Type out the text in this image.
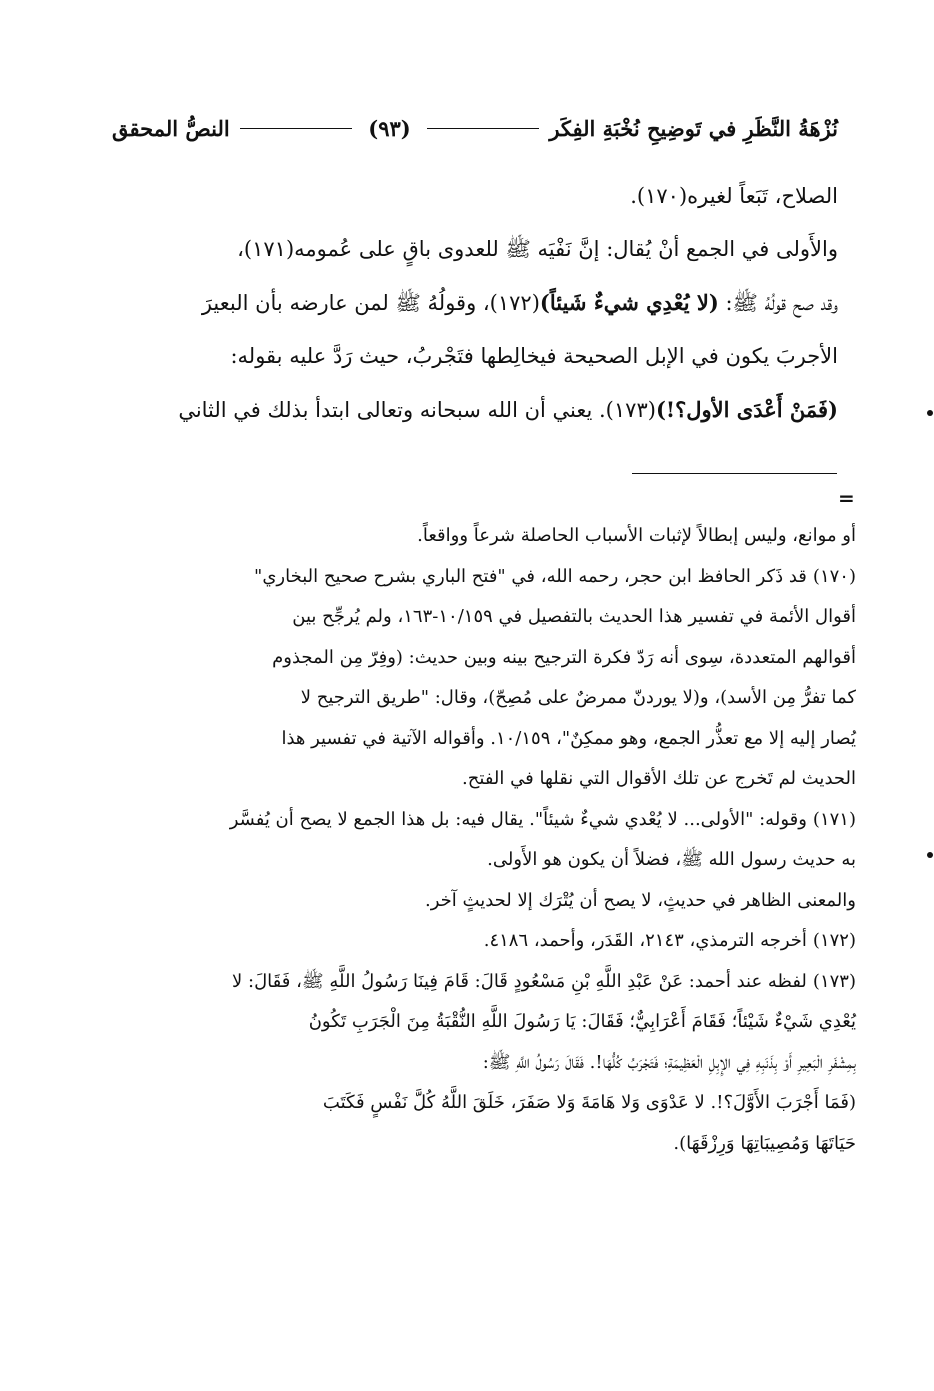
النصُّ المحقق	(٩٣)	نُزْهَةُ النَّظَرِ في تَوضِيحِ نُخْبَةِ الفِكَر

الصلاح، تَبَعاً لغيره(١٧٠).

والأَولى في الجمع أنْ يُقال: إنَّ نَفْيَه ﷺ للعدوى باقٍ على عُمومه(١٧١)،

وقد صح قولُهُ ﷺ: (لا يُعْدِي شيءٌ شَيئاً)(١٧٢)، وقولُهُ ﷺ لمن عارضه بأن البعيرَ

الأجربَ يكون في الإبل الصحيحة فيخالِطها فتَجْربُ، حيث رَدَّ عليه بقوله:

(فَمَنْ أَعْدَى الأول؟!)(١٧٣). يعني أن الله سبحانه وتعالى ابتدأ بذلك في الثاني

=

أو موانع، وليس إبطالاً لإثبات الأسباب الحاصلة شرعاً وواقعاً.

(١٧٠)قد ذَكر الحافظ ابن حجر، رحمه الله، في "فتح الباري بشرح صحيح البخاري"

أقوال الأئمة في تفسير هذا الحديث بالتفصيل في ١٠/١٥٩-١٦٣، ولم يُرجِّح بين

أقوالهم المتعددة، سِوى أنه رَدّ فكرة الترجيح بينه وبين حديث: (وفِرّ مِن المجذوم

كما تفرُّ مِن الأسد)، و(لا يوردنّ ممرضٌ على مُصِحّ)، وقال: "طريق الترجيح لا

يُصار إليه إلا مع تعذُّر الجمع، وهو ممكِنٌ"، ١٠/١٥٩. وأقواله الآتية في تفسير هذا

الحديث لم تَخرج عن تلك الأقوال التي نقلها في الفتح.

(١٧١)وقوله: "الأولى... لا يُعْدي شيءٌ شيئاً". يقال فيه: بل هذا الجمع لا يصح أن يُفسَّر

به حديث رسول الله ﷺ، فضلاً أن يكون هو الأَولى.

والمعنى الظاهر في حديثٍ، لا يصح أن يُتْرَك إلا لحديثٍ آخر.

(١٧٢)أخرجه الترمذي، ٢١٤٣، القَدَر، وأحمد، ٤١٨٦.

(١٧٣)لفظه عند أحمد: عَنْ عَبْدِ اللَّهِ بْنِ مَسْعُودٍ قَالَ: قَامَ فِينَا رَسُولُ اللَّهِ ﷺ، فَقَالَ: لا

يُعْدِي شَيْءٌ شَيْئاً؛ فَقَامَ أَعْرَابِيٌّ؛ فَقَالَ: يَا رَسُولَ اللَّهِ النُّقْبَةُ مِنَ الْجَرَبِ تَكُونُ

بِمِشْفَرِ الْبَعِيرِ أَوْ بِذَنَبِهِ فِي الإِبِلِ الْعَظِيمَةِ؛ فَتَجْرَبُ كُلُّهَا!. فَقَالَ رَسُولُ اللَّهِ ﷺ:

(فَمَا أَجْرَبَ الأَوَّلَ؟!. لا عَدْوَى وَلا هَامَةَ وَلا صَفَرَ، خَلَقَ اللَّهُ كُلَّ نَفْسٍ فَكَتَبَ

حَيَاتَهَا وَمُصِيبَاتِهَا وَرِزْقَهَا).
